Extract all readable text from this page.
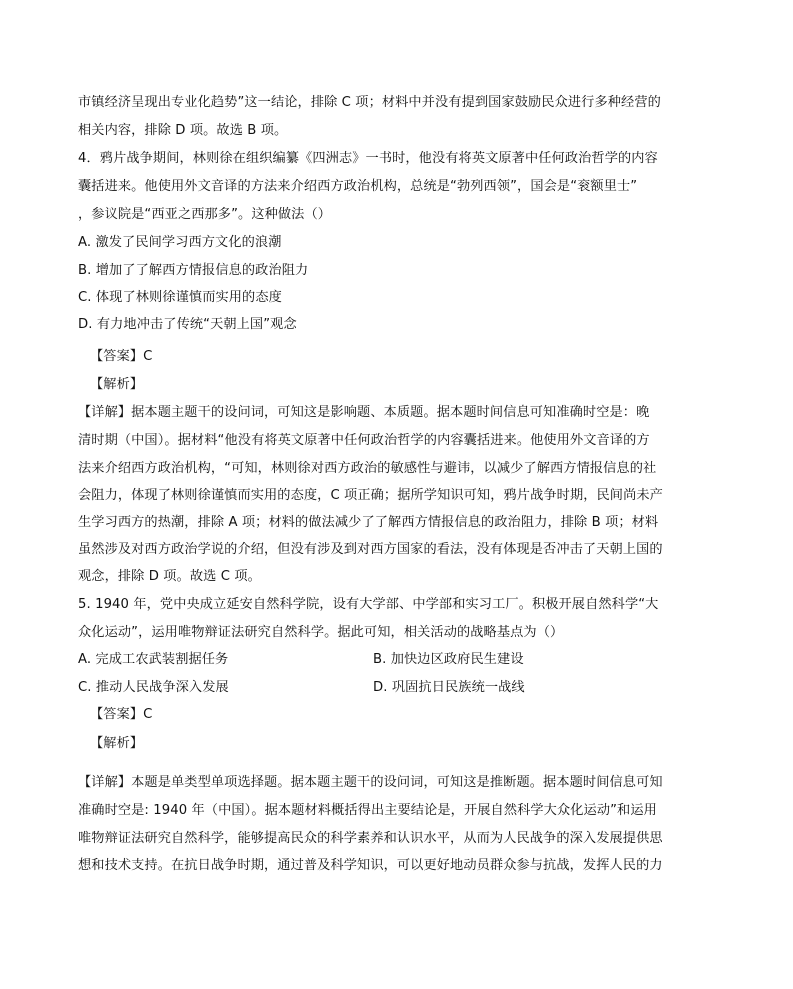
市镇经济呈现出专业化趋势”这一结论，排除 C 项；材料中并没有提到国家鼓励民众进行多种经营的
相关内容，排除 D 项。故选 B 项。
4．鸦片战争期间，林则徐在组织编纂《四洲志》一书时，他没有将英文原著中任何政治哲学的内容
囊括进来。他使用外文音译的方法来介绍西方政治机构，总统是“勃列西领”，国会是“衮额里士”
，参议院是“西亚之西那多”。这种做法（）
A. 激发了民间学习西方文化的浪潮
B. 增加了了解西方情报信息的政治阻力
C. 体现了林则徐谨慎而实用的态度
D. 有力地冲击了传统“天朝上国”观念
【答案】C
【解析】
【详解】据本题主题干的设问词，可知这是影响题、本质题。据本题时间信息可知准确时空是：晚
清时期（中国）。据材料“他没有将英文原著中任何政治哲学的内容囊括进来。他使用外文音译的方
法来介绍西方政治机构，“可知，林则徐对西方政治的敏感性与避讳，以减少了解西方情报信息的社
会阻力，体现了林则徐谨慎而实用的态度，C 项正确；据所学知识可知，鸦片战争时期，民间尚未产
生学习西方的热潮，排除 A 项；材料的做法减少了了解西方情报信息的政治阻力，排除 B 项；材料
虽然涉及对西方政治学说的介绍，但没有涉及到对西方国家的看法，没有体现是否冲击了天朝上国的
观念，排除 D 项。故选 C 项。
5. 1940 年，党中央成立延安自然科学院，设有大学部、中学部和实习工厂。积极开展自然科学“大
众化运动”，运用唯物辩证法研究自然科学。据此可知，相关活动的战略基点为（）
A. 完成工农武装割据任务	B. 加快边区政府民生建设
C. 推动人民战争深入发展	D. 巩固抗日民族统一战线
【答案】C
【解析】
【详解】本题是单类型单项选择题。据本题主题干的设问词，可知这是推断题。据本题时间信息可知
准确时空是: 1940 年（中国）。据本题材料概括得出主要结论是，开展自然科学大众化运动”和运用
唯物辩证法研究自然科学，能够提高民众的科学素养和认识水平，从而为人民战争的深入发展提供思
想和技术支持。在抗日战争时期，通过普及科学知识，可以更好地动员群众参与抗战，发挥人民的力
